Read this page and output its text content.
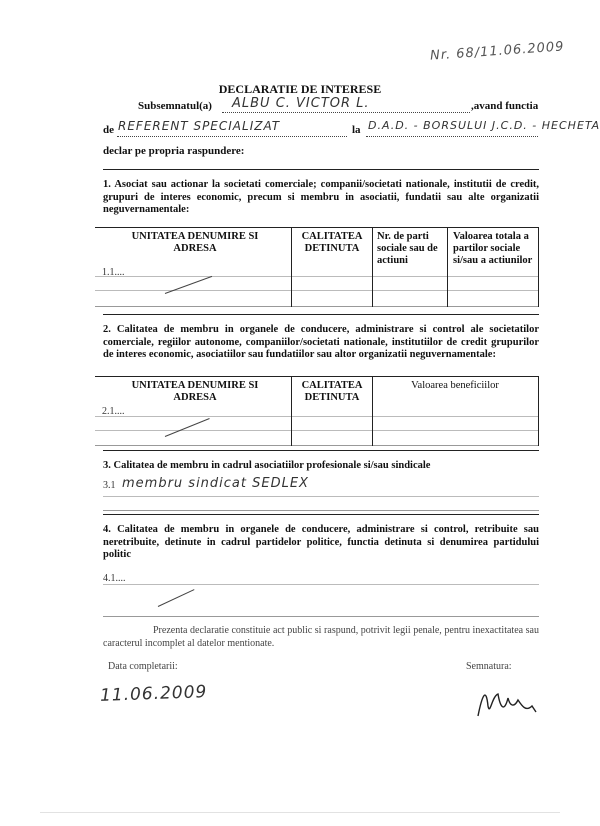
Nr. 68/11.06.2009
DECLARATIE DE INTERESE
Subsemnatul(a) ALBU C. VICTOR L.	,avand functia
de REFERENT SPECIALIZAT	la D.A.D. - BORSULUI J.C.D. - HECHETA
declar pe propria raspundere:
1. Asociat sau actionar la societati comerciale; companii/societati nationale, institutii de credit, grupuri de interes economic, precum si membru in asociatii, fundatii sau alte organizatii neguvernamentale:
UNITATEA DENUMIRE SI ADRESA
CALITATEA DETINUTA
Nr. de parti sociale sau de actiuni
Valoarea totala a partilor sociale si/sau a actiunilor
1.1....
2. Calitatea de membru in organele de conducere, administrare si control ale societatilor comerciale, regiilor autonome, companiilor/societati nationale, institutiilor de credit grupurilor de interes economic, asociatiilor sau fundatiilor sau altor organizatii neguvernamentale:
UNITATEA DENUMIRE SI ADRESA
CALITATEA DETINUTA
Valoarea beneficiilor
2.1....
3. Calitatea de membru in cadrul asociatiilor profesionale si/sau sindicale
3.1 membru sindicat SEDLEX
4. Calitatea de membru in organele de conducere, administrare si control, retribuite sau neretribuite, detinute in cadrul partidelor politice, functia detinuta si denumirea partidului politic
4.1....
Prezenta declaratie constituie act public si raspund, potrivit legii penale, pentru inexactitatea sau caracterul incomplet al datelor mentionate.
Data completarii:
11.06.2009
Semnatura:
